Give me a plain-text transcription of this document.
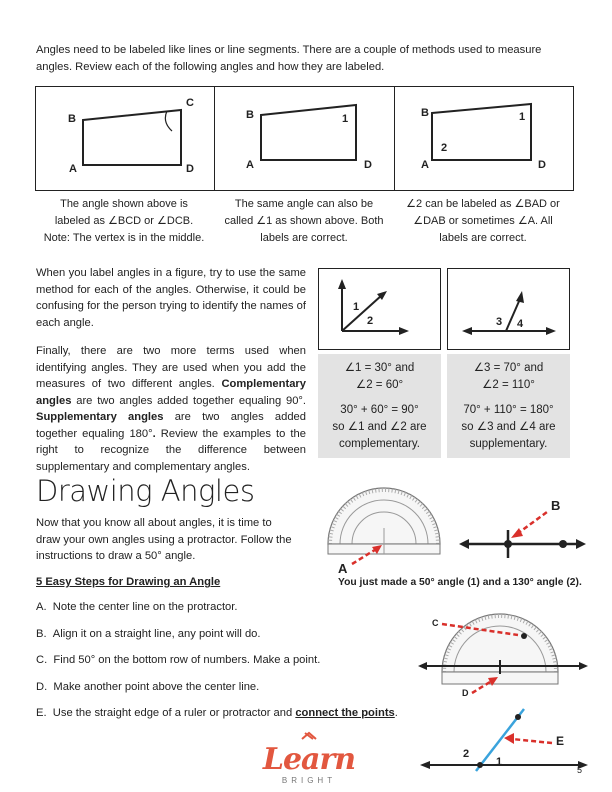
Angles need to be labeled like lines or line segments. There are a couple of methods used to measure angles. Review each of the following angles and how they are labeled.
B
C
A	D
B	1
A	D
B	1
2
A	D
The angle shown above is
labeled as ∠BCD or ∠DCB.
Note: The vertex is in the middle.
The same angle can also be
called ∠1 as shown above. Both
labels are correct.
∠2 can be labeled as ∠BAD or
∠DAB or sometimes ∠A. All
labels are correct.
When you label angles in a figure, try to use the same method for each of the angles. Otherwise, it could be confusing for the person trying to identify the names of each angle.
Finally, there are two more terms used when identifying angles. They are used when you add the measures of two different angles. Complementary angles are two angles added together equaling 90°. Supplementary angles are two angles added together equaling 180°. Review the examples to the right to recognize the difference between supplementary and complementary angles.
1
2	3 4
∠1 = 30° and
∠2 = 60°
30° + 60° = 90°
so ∠1 and ∠2 are
complementary.
∠3 = 70° and
∠2 = 110°
70° + 110° = 180°
so ∠3 and ∠4 are
supplementary.
Drawing Angles
Now that you know all about angles, it is time to draw your own angles using a protractor. Follow the instructions to draw a 50° angle.
A
B
5 Easy Steps for Drawing an Angle	You just made a 50° angle (1) and a 130° angle (2).
A. Note the center line on the protractor.
B. Align it on a straight line, any point will do.
C. Find 50° on the bottom row of numbers. Make a point.
D. Make another point above the center line.
E. Use the straight edge of a ruler or protractor and connect the points.
C
D
E
2
1
Learn
BRIGHT
5
